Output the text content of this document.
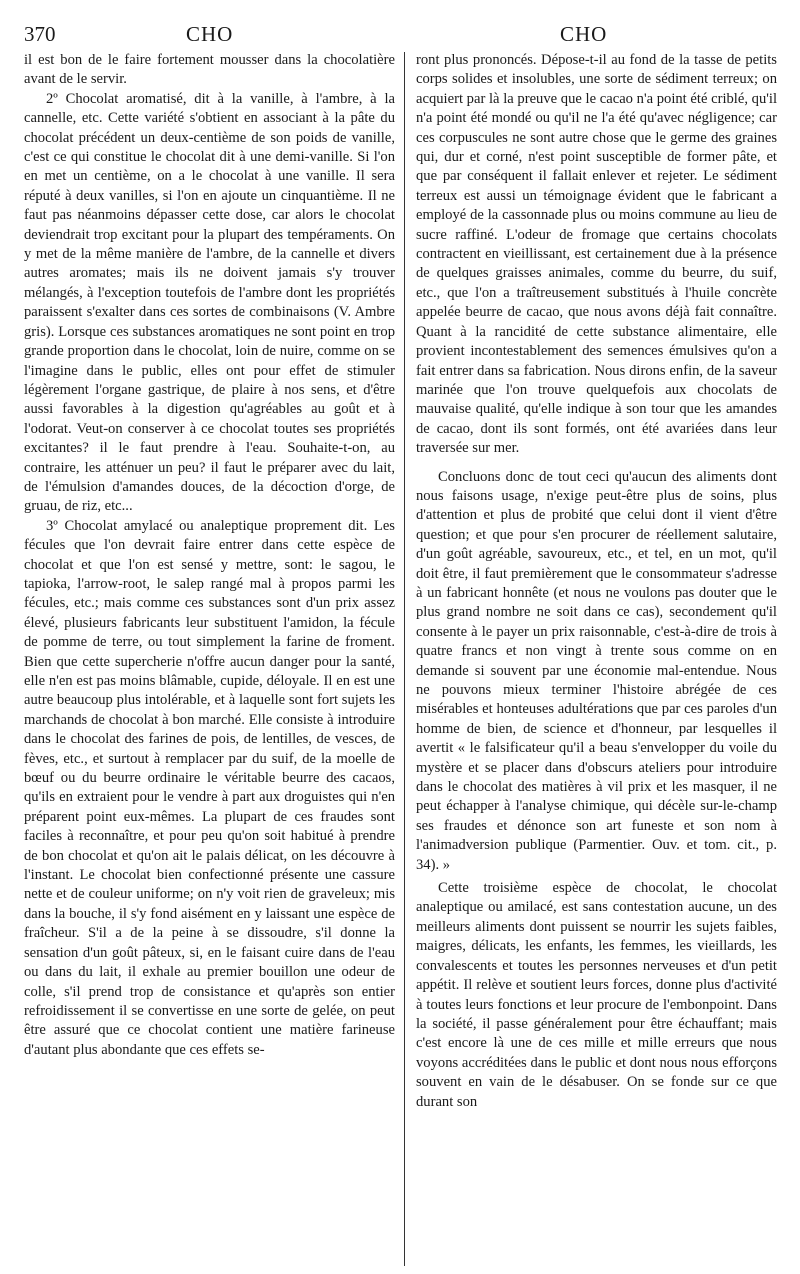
370	CHO	CHO

il est bon de le faire fortement mousser dans la chocolatière avant de le servir.

2º Chocolat aromatisé, dit à la vanille, à l'ambre, à la cannelle, etc. Cette variété s'obtient en associant à la pâte du chocolat précédent un deux-centième de son poids de vanille, c'est ce qui constitue le chocolat dit à une demi-vanille. Si l'on en met un centième, on a le chocolat à une vanille. Il sera réputé à deux vanilles, si l'on en ajoute un cinquantième. Il ne faut pas néanmoins dépasser cette dose, car alors le chocolat deviendrait trop excitant pour la plupart des tempéraments. On y met de la même manière de l'ambre, de la cannelle et divers autres aromates; mais ils ne doivent jamais s'y trouver mélangés, à l'exception toutefois de l'ambre dont les propriétés paraissent s'exalter dans ces sortes de combinaisons (V. Ambre gris). Lorsque ces substances aromatiques ne sont point en trop grande proportion dans le chocolat, loin de nuire, comme on se l'imagine dans le public, elles ont pour effet de stimuler légèrement l'organe gastrique, de plaire à nos sens, et d'être aussi favorables à la digestion qu'agréables au goût et à l'odorat. Veut-on conserver à ce chocolat toutes ses propriétés excitantes? il le faut prendre à l'eau. Souhaite-t-on, au contraire, les atténuer un peu? il faut le préparer avec du lait, de l'émulsion d'amandes douces, de la décoction d'orge, de gruau, de riz, etc...

3º Chocolat amylacé ou analeptique proprement dit. Les fécules que l'on devrait faire entrer dans cette espèce de chocolat et que l'on est sensé y mettre, sont: le sagou, le tapioka, l'arrow-root, le salep rangé mal à propos parmi les fécules, etc.; mais comme ces substances sont d'un prix assez élevé, plusieurs fabricants leur substituent l'amidon, la fécule de pomme de terre, ou tout simplement la farine de froment. Bien que cette supercherie n'offre aucun danger pour la santé, elle n'en est pas moins blâmable, cupide, déloyale. Il en est une autre beaucoup plus intolérable, et à laquelle sont fort sujets les marchands de chocolat à bon marché. Elle consiste à introduire dans le chocolat des farines de pois, de lentilles, de vesces, de fèves, etc., et surtout à remplacer par du suif, de la moelle de bœuf ou du beurre ordinaire le véritable beurre des cacaos, qu'ils en extraient pour le vendre à part aux droguistes qui n'en préparent point eux-mêmes. La plupart de ces fraudes sont faciles à reconnaître, et pour peu qu'on soit habitué à prendre de bon chocolat et qu'on ait le palais délicat, on les découvre à l'instant. Le chocolat bien confectionné présente une cassure nette et de couleur uniforme; on n'y voit rien de graveleux; mis dans la bouche, il s'y fond aisément en y laissant une espèce de fraîcheur. S'il a de la peine à se dissoudre, s'il donne la sensation d'un goût pâteux, si, en le faisant cuire dans de l'eau ou dans du lait, il exhale au premier bouillon une odeur de colle, s'il prend trop de consistance et qu'après son entier refroidissement il se convertisse en une sorte de gelée, on peut être assuré que ce chocolat contient une matière farineuse d'autant plus abondante que ces effets se-

ront plus prononcés. Dépose-t-il au fond de la tasse de petits corps solides et insolubles, une sorte de sédiment terreux; on acquiert par là la preuve que le cacao n'a point été criblé, qu'il n'a point été mondé ou qu'il ne l'a été qu'avec négligence; car ces corpuscules ne sont autre chose que le germe des graines qui, dur et corné, n'est point susceptible de former pâte, et que par conséquent il fallait enlever et rejeter. Le sédiment terreux est aussi un témoignage évident que le fabricant a employé de la cassonnade plus ou moins commune au lieu de sucre raffiné. L'odeur de fromage que certains chocolats contractent en vieillissant, est certainement due à la présence de quelques graisses animales, comme du beurre, du suif, etc., que l'on a traîtreusement substitués à l'huile concrète appelée beurre de cacao, que nous avons déjà fait connaître. Quant à la rancidité de cette substance alimentaire, elle provient incontestablement des semences émulsives qu'on a fait entrer dans sa fabrication. Nous dirons enfin, de la saveur marinée que l'on trouve quelquefois aux chocolats de mauvaise qualité, qu'elle indique à son tour que les amandes de cacao, dont ils sont formés, ont été avariées dans leur traversée sur mer.

Concluons donc de tout ceci qu'aucun des aliments dont nous faisons usage, n'exige peut-être plus de soins, plus d'attention et plus de probité que celui dont il vient d'être question; et que pour s'en procurer de réellement salutaire, d'un goût agréable, savoureux, etc., et tel, en un mot, qu'il doit être, il faut premièrement que le consommateur s'adresse à un fabricant honnête (et nous ne voulons pas douter que le plus grand nombre ne soit dans ce cas), secondement qu'il consente à le payer un prix raisonnable, c'est-à-dire de trois à quatre francs et non vingt à trente sous comme on en demande si souvent par une économie mal-entendue. Nous ne pouvons mieux terminer l'histoire abrégée de ces misérables et honteuses adultérations que par ces paroles d'un homme de bien, de science et d'honneur, par lesquelles il avertit « le falsificateur qu'il a beau s'envelopper du voile du mystère et se placer dans d'obscurs ateliers pour introduire dans le chocolat des matières à vil prix et les masquer, il ne peut échapper à l'analyse chimique, qui décèle sur-le-champ ses fraudes et dénonce son art funeste et son nom à l'animadversion publique (Parmentier. Ouv. et tom. cit., p. 34). »

Cette troisième espèce de chocolat, le chocolat analeptique ou amilacé, est sans contestation aucune, un des meilleurs aliments dont puissent se nourrir les sujets faibles, maigres, délicats, les enfants, les femmes, les vieillards, les convalescents et toutes les personnes nerveuses et d'un petit appétit. Il relève et soutient leurs forces, donne plus d'activité à toutes leurs fonctions et leur procure de l'embonpoint. Dans la société, il passe généralement pour être échauffant; mais c'est encore là une de ces mille et mille erreurs que nous voyons accréditées dans le public et dont nous nous efforçons souvent en vain de le désabuser. On se fonde sur ce que durant son
